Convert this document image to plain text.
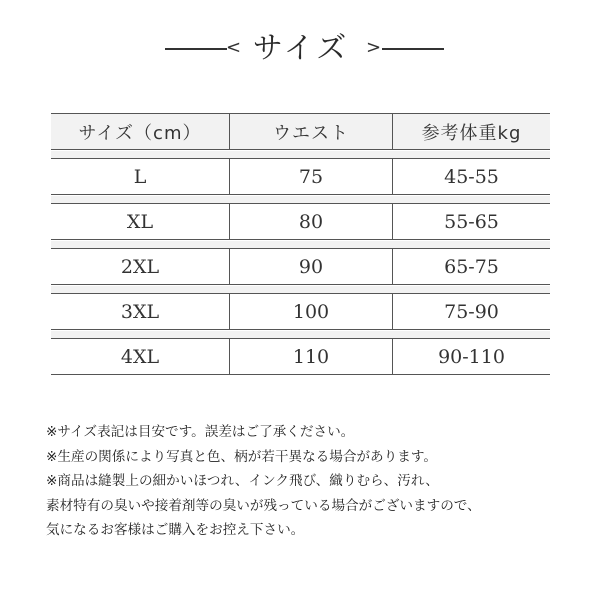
< サイズ >
サイズ（cm）	ウエスト	参考体重kg
L	75	45-55
XL	80	55-65
2XL	90	65-75
3XL	100	75-90
4XL	110	90-110
※サイズ表記は目安です。誤差はご了承ください。
※生産の関係により写真と色、柄が若干異なる場合があります。
※商品は縫製上の細かいほつれ、インク飛び、織りむら、汚れ、
素材特有の臭いや接着剤等の臭いが残っている場合がございますので、
気になるお客様はご購入をお控え下さい。
